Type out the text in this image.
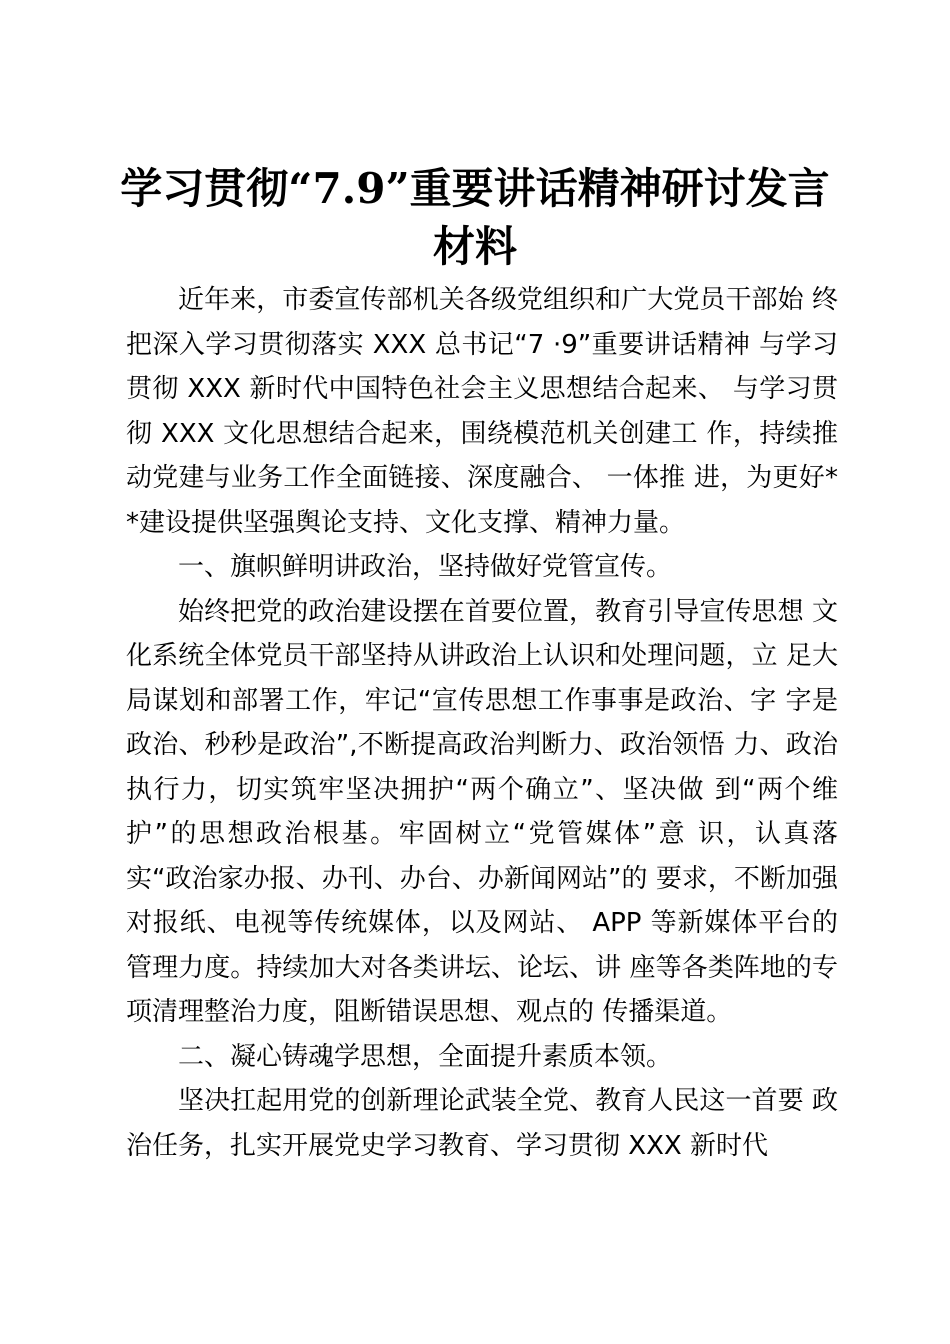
学习贯彻“7.9”重要讲话精神研讨发言材料

近年来，市委宣传部机关各级党组织和广大党员干部始 终把深入学习贯彻落实 XXX 总书记“7 ·9”重要讲话精神 与学习贯彻 XXX 新时代中国特色社会主义思想结合起来、 与学习贯彻 XXX 文化思想结合起来，围绕模范机关创建工 作，持续推动党建与业务工作全面链接、深度融合、 一体推 进，为更好**建设提供坚强舆论支持、文化支撑、精神力量。

一、旗帜鲜明讲政治，坚持做好党管宣传。

始终把党的政治建设摆在首要位置，教育引导宣传思想 文化系统全体党员干部坚持从讲政治上认识和处理问题，立 足大局谋划和部署工作，牢记“宣传思想工作事事是政治、字 字是政治、秒秒是政治”,不断提高政治判断力、政治领悟 力、政治执行力，切实筑牢坚决拥护“两个确立”、坚决做 到“两个维护”的思想政治根基。牢固树立“党管媒体”意 识，认真落实“政治家办报、办刊、办台、办新闻网站”的 要求，不断加强对报纸、电视等传统媒体，以及网站、 APP 等新媒体平台的管理力度。持续加大对各类讲坛、论坛、讲 座等各类阵地的专项清理整治力度，阻断错误思想、观点的 传播渠道。

二、凝心铸魂学思想，全面提升素质本领。

坚决扛起用党的创新理论武装全党、教育人民这一首要 政治任务，扎实开展党史学习教育、学习贯彻 XXX 新时代
